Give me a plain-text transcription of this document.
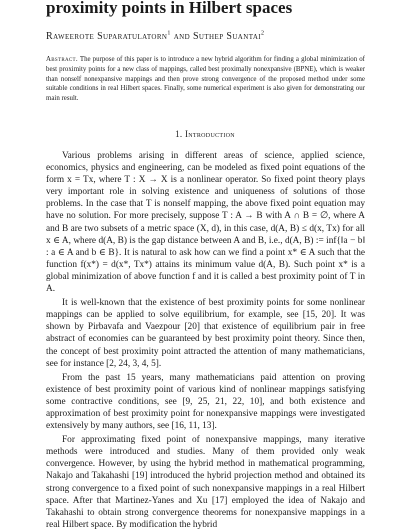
proximity points in Hilbert spaces
Raweerote Suparatulatorn$^1$ and Suthep Suantai$^2$
Abstract. The purpose of this paper is to introduce a new hybrid algorithm for finding a global minimization of best proximity points for a new class of mappings, called best proximally nonexpansive (BPNE), which is weaker than nonself nonexpansive mappings and then prove strong convergence of the proposed method under some suitable conditions in real Hilbert spaces. Finally, some numerical experiment is also given for demonstrating our main result.
1. Introduction

Various problems arising in different areas of science, applied science, economics, physics and engineering, can be modeled as fixed point equations of the form x = Tx, where T : X → X is a nonlinear operator. So fixed point theory plays very important role in solving existence and uniqueness of solutions of those problems. In the case that T is nonself mapping, the above fixed point equation may have no solution. For more precisely, suppose T : A → B with A ∩ B = ∅, where A and B are two subsets of a metric space (X, d), in this case, d(A, B) ≤ d(x, Tx) for all x ∈ A, where d(A, B) is the gap distance between A and B, i.e., d(A, B) := inf{‖a − b‖ : a ∈ A and b ∈ B}. It is natural to ask how can we find a point x* ∈ A such that the function f(x*) = d(x*, Tx*) attains its minimum value d(A, B). Such point x* is a global minimization of above function f and it is called a best proximity point of T in A.

It is well-known that the existence of best proximity points for some nonlinear mappings can be applied to solve equilibrium, for example, see [15, 20]. It was shown by Pirbavafa and Vaezpour [20] that existence of equilibrium pair in free abstract of economies can be guaranteed by best proximity point theory. Since then, the concept of best proximity point attracted the attention of many mathematicians, see for instance [2, 24, 3, 4, 5].

From the past 15 years, many mathematicians paid attention on proving existence of best proximity point of various kind of nonlinear mappings satisfying some contractive conditions, see [9, 25, 21, 22, 10], and both existence and approximation of best proximity point for nonexpansive mappings were investigated extensively by many authors, see [16, 11, 13].

For approximating fixed point of nonexpansive mappings, many iterative methods were introduced and studies. Many of them provided only weak convergence. However, by using the hybrid method in mathematical programming, Nakajo and Takahashi [19] introduced the hybrid projection method and obtained its strong convergence to a fixed point of such nonexpansive mappings in a real Hilbert space. After that Martinez-Yanes and Xu [17] employed the idea of Nakajo and Takahashi to obtain strong convergence theorems for nonexpansive mappings in a real Hilbert space. By modification the hybrid
